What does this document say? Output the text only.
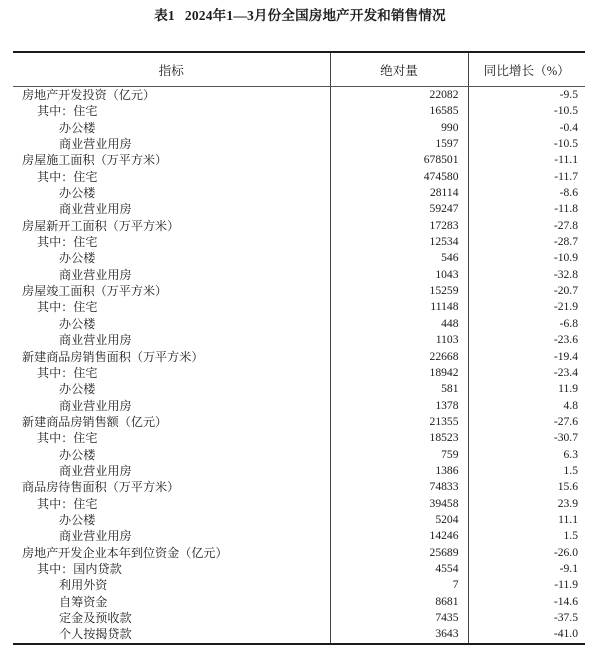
表1 2024年1—3月份全国房地产开发和销售情况
指标	绝对量	同比增长（%）
房地产开发投资（亿元）	22082	-9.5
其中：住宅	16585	-10.5
办公楼	990	-0.4
商业营业用房	1597	-10.5
房屋施工面积（万平方米）	678501	-11.1
其中：住宅	474580	-11.7
办公楼	28114	-8.6
商业营业用房	59247	-11.8
房屋新开工面积（万平方米）	17283	-27.8
其中：住宅	12534	-28.7
办公楼	546	-10.9
商业营业用房	1043	-32.8
房屋竣工面积（万平方米）	15259	-20.7
其中：住宅	11148	-21.9
办公楼	448	-6.8
商业营业用房	1103	-23.6
新建商品房销售面积（万平方米）	22668	-19.4
其中：住宅	18942	-23.4
办公楼	581	11.9
商业营业用房	1378	4.8
新建商品房销售额（亿元）	21355	-27.6
其中：住宅	18523	-30.7
办公楼	759	6.3
商业营业用房	1386	1.5
商品房待售面积（万平方米）	74833	15.6
其中：住宅	39458	23.9
办公楼	5204	11.1
商业营业用房	14246	1.5
房地产开发企业本年到位资金（亿元）	25689	-26.0
其中：国内贷款	4554	-9.1
利用外资	7	-11.9
自筹资金	8681	-14.6
定金及预收款	7435	-37.5
个人按揭贷款	3643	-41.0
